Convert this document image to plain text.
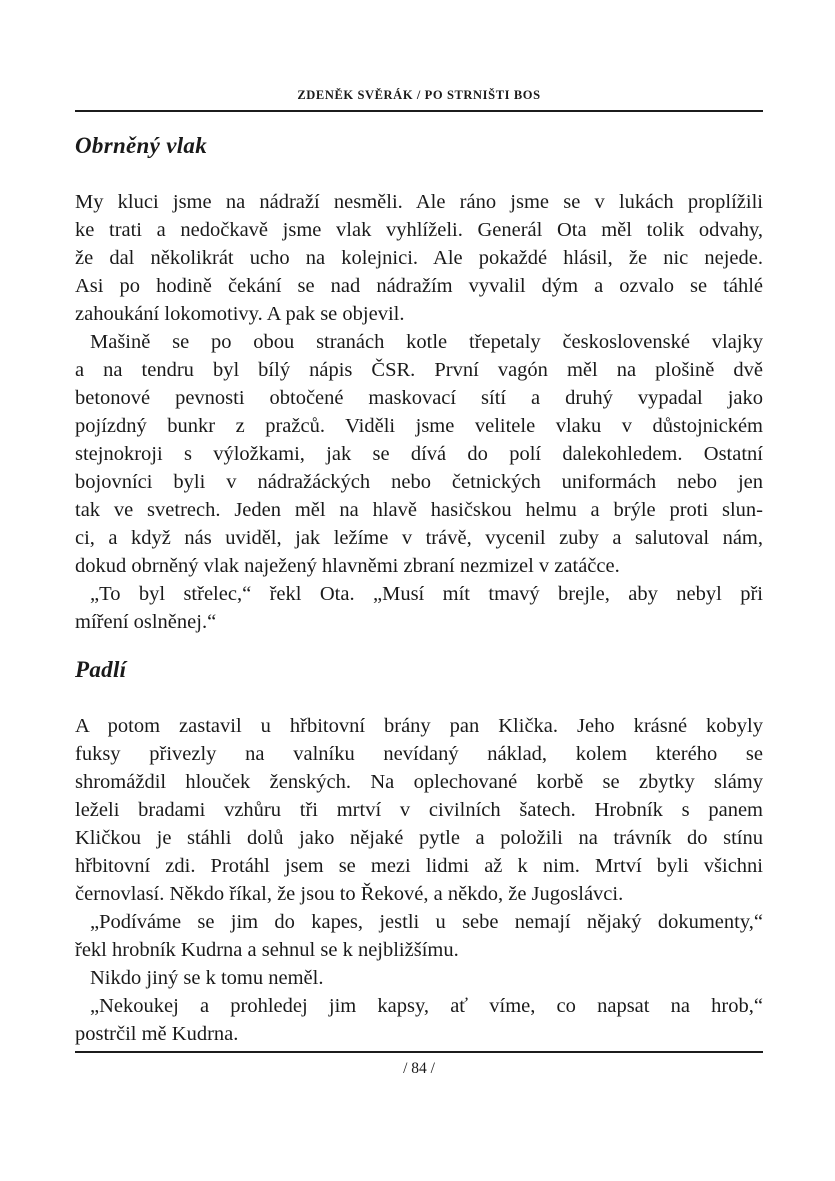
ZDENĚK SVĚRÁK / PO STRNIŠTI BOS
Obrněný vlak
My kluci jsme na nádraží nesměli. Ale ráno jsme se v lukách proplížili
ke trati a nedočkavě jsme vlak vyhlíželi. Generál Ota měl tolik odvahy,
že dal několikrát ucho na kolejnici. Ale pokaždé hlásil, že nic nejede.
Asi po hodině čekání se nad nádražím vyvalil dým a ozvalo se táhlé
zahoukání lokomotivy. A pak se objevil.
Mašině se po obou stranách kotle třepetaly československé vlajky
a na tendru byl bílý nápis ČSR. První vagón měl na plošině dvě
betonové pevnosti obtočené maskovací sítí a druhý vypadal jako
pojízdný bunkr z pražců. Viděli jsme velitele vlaku v důstojnickém
stejnokroji s výložkami, jak se dívá do polí dalekohledem. Ostatní
bojovníci byli v nádražáckých nebo četnických uniformách nebo jen
tak ve svetrech. Jeden měl na hlavě hasičskou helmu a brýle proti slun-
ci, a když nás uviděl, jak ležíme v trávě, vycenil zuby a salutoval nám,
dokud obrněný vlak naježený hlavněmi zbraní nezmizel v zatáčce.
„To byl střelec,“ řekl Ota. „Musí mít tmavý brejle, aby nebyl při
míření oslněnej.“
Padlí
A potom zastavil u hřbitovní brány pan Klička. Jeho krásné kobyly
fuksy přivezly na valníku nevídaný náklad, kolem kterého se
shromáždil hlouček ženských. Na oplechované korbě se zbytky slámy
leželi bradami vzhůru tři mrtví v civilních šatech. Hrobník s panem
Kličkou je stáhli dolů jako nějaké pytle a položili na trávník do stínu
hřbitovní zdi. Protáhl jsem se mezi lidmi až k nim. Mrtví byli všichni
černovlasí. Někdo říkal, že jsou to Řekové, a někdo, že Jugoslávci.
„Podíváme se jim do kapes, jestli u sebe nemají nějaký dokumenty,“
řekl hrobník Kudrna a sehnul se k nejbližšímu.
Nikdo jiný se k tomu neměl.
„Nekoukej a prohledej jim kapsy, ať víme, co napsat na hrob,“
postrčil mě Kudrna.
/ 84 /
